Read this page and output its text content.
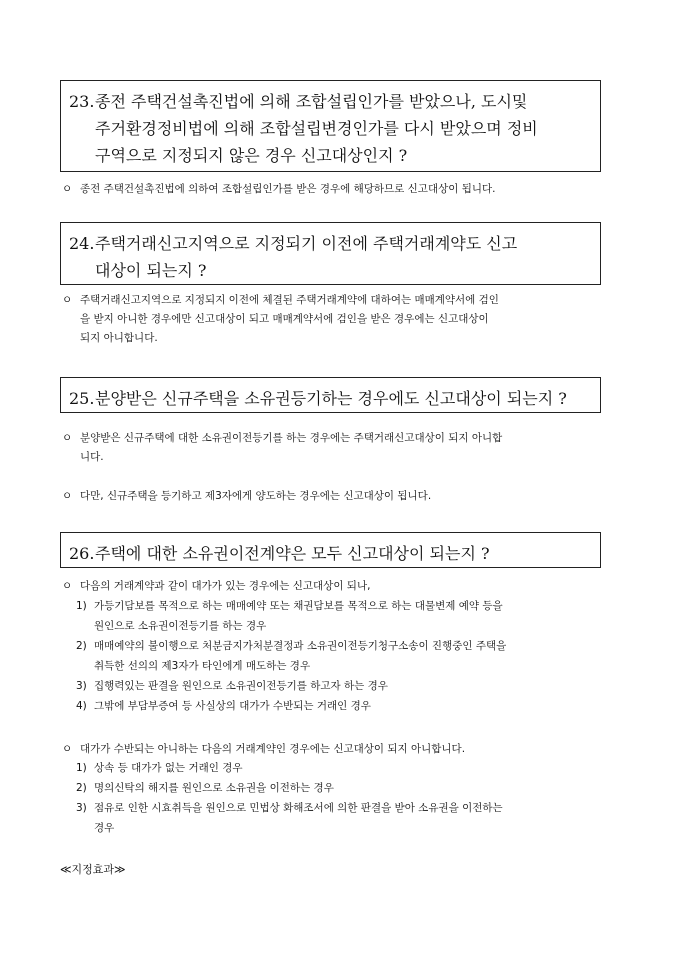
23.종전 주택건설촉진법에 의해 조합설립인가를 받았으나, 도시및
주거환경정비법에 의해 조합설립변경인가를 다시 받았으며 정비
구역으로 지정되지 않은 경우 신고대상인지 ?
ㅇ 종전 주택건설촉진법에 의하여 조합설립인가를 받은 경우에 해당하므로 신고대상이 됩니다.
24.주택거래신고지역으로 지정되기 이전에 주택거래계약도 신고
대상이 되는지 ?
ㅇ 주택거래신고지역으로 지정되지 이전에 체결된 주택거래계약에 대하여는 매매계약서에 검인
을 받지 아니한 경우에만 신고대상이 되고 매매계약서에 검인을 받은 경우에는 신고대상이
되지 아니합니다.
25.분양받은 신규주택을 소유권등기하는 경우에도 신고대상이 되는지 ?
ㅇ 분양받은 신규주택에 대한 소유권이전등기를 하는 경우에는 주택거래신고대상이 되지 아니합
니다.
ㅇ 다만, 신규주택을 등기하고 제3자에게 양도하는 경우에는 신고대상이 됩니다.
26.주택에 대한 소유권이전계약은 모두 신고대상이 되는지 ?
ㅇ 다음의 거래계약과 같이 대가가 있는 경우에는 신고대상이 되나,
1) 가등기담보를 목적으로 하는 매매예약 또는 채권담보를 목적으로 하는 대물변제 예약 등을
원인으로 소유권이전등기를 하는 경우
2) 매매예약의 불이행으로 처분금지가처분결정과 소유권이전등기청구소송이 진행중인 주택을
취득한 선의의 제3자가 타인에게 매도하는 경우
3) 집행력있는 판결을 원인으로 소유권이전등기를 하고자 하는 경우
4) 그밖에 부담부증여 등 사실상의 대가가 수반되는 거래인 경우
ㅇ 대가가 수반되는 아니하는 다음의 거래계약인 경우에는 신고대상이 되지 아니합니다.
1) 상속 등 대가가 없는 거래인 경우
2) 명의신탁의 해지를 원인으로 소유권을 이전하는 경우
3) 점유로 인한 시효취득을 원인으로 민법상 화해조서에 의한 판결을 받아 소유권을 이전하는
경우
≪지정효과≫
